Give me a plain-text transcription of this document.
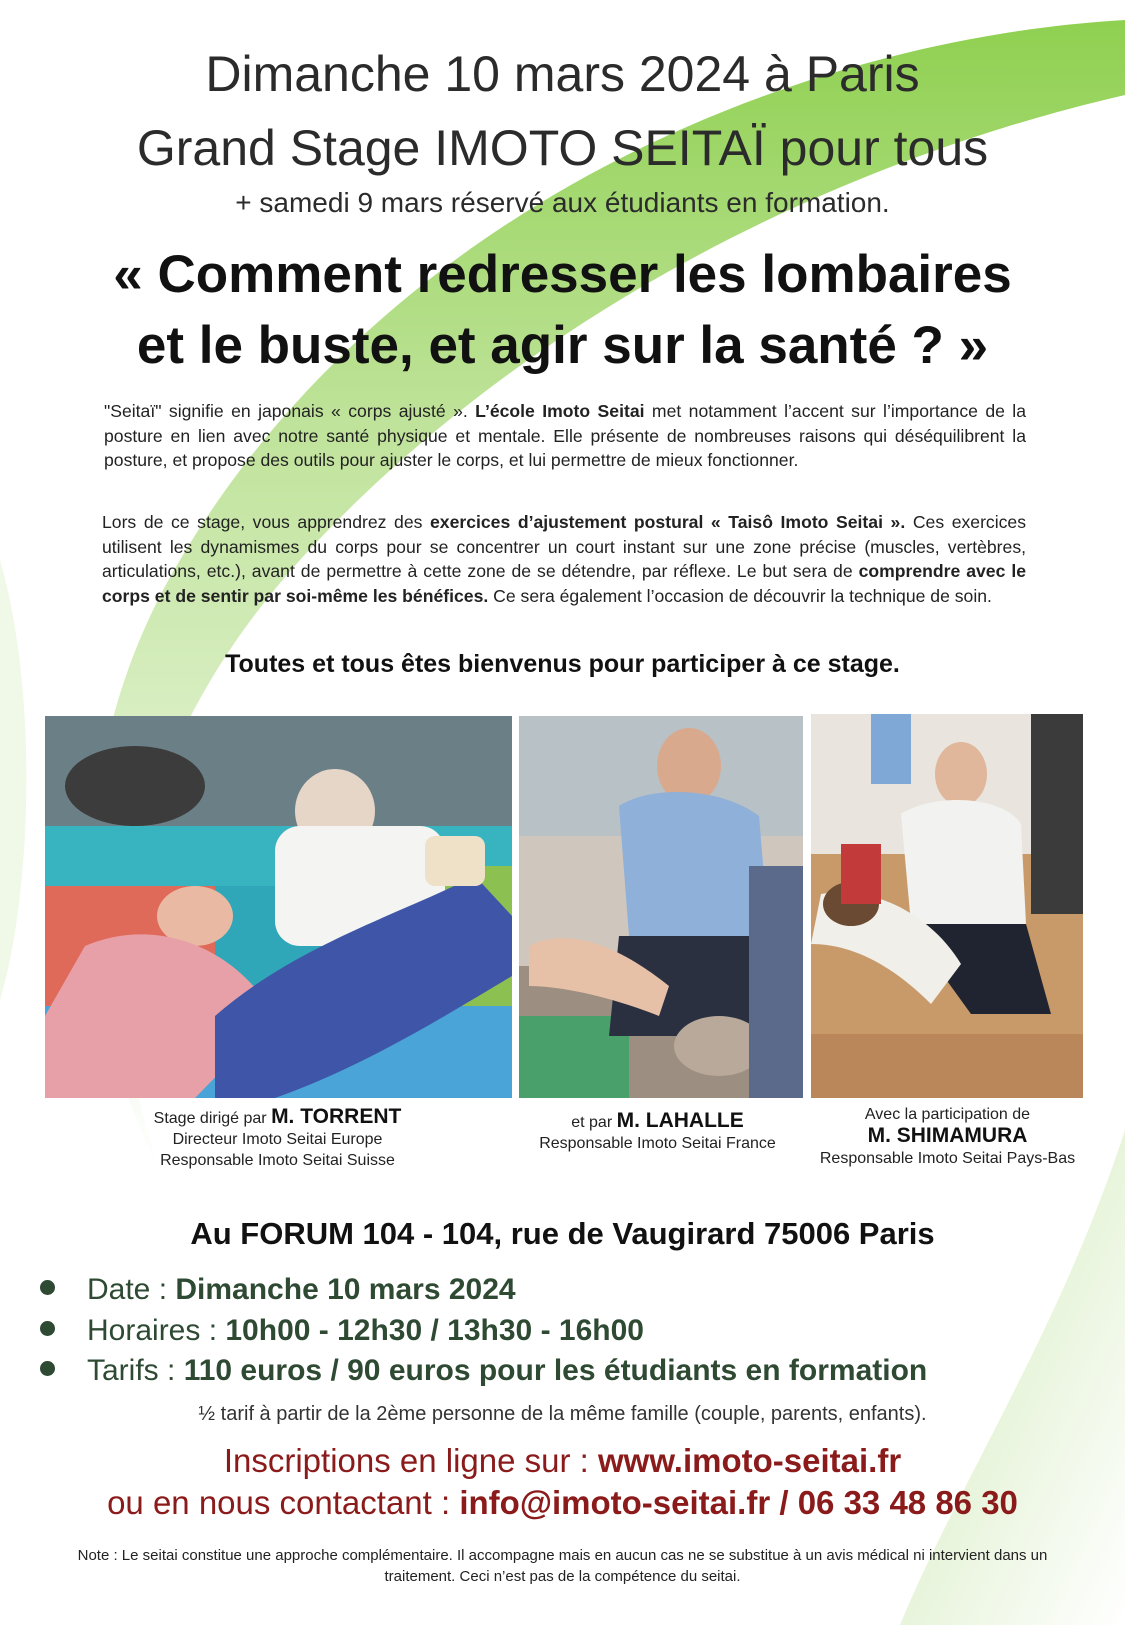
Dimanche 10 mars 2024 à Paris
Grand Stage IMOTO SEITAÏ pour tous
+ samedi 9 mars réservé aux étudiants en formation.
« Comment redresser les lombaires
et le buste, et agir sur la santé ? »
"Seitaï" signifie en japonais « corps ajusté ». L’école Imoto Seitai met notamment l’accent sur l’importance de la posture en lien avec notre santé physique et mentale. Elle présente de nombreuses raisons qui déséquilibrent la posture, et propose des outils pour ajuster le corps, et lui permettre de mieux fonctionner.
Lors de ce stage, vous apprendrez des exercices d’ajustement postural « Taisô Imoto Seitai ». Ces exercices utilisent les dynamismes du corps pour se concentrer un court instant sur une zone précise (muscles, vertèbres, articulations, etc.), avant de permettre à cette zone de se détendre, par réflexe. Le but sera de comprendre avec le corps et de sentir par soi-même les bénéfices. Ce sera également l’occasion de découvrir la technique de soin.
Toutes et tous êtes bienvenus pour participer à ce stage.
Stage dirigé par M. TORRENT
Directeur Imoto Seitai Europe
Responsable Imoto Seitai Suisse
et par M. LAHALLE
Responsable Imoto Seitai France
Avec la participation de
M. SHIMAMURA
Responsable Imoto Seitai Pays-Bas
Au FORUM 104 - 104, rue de Vaugirard 75006 Paris
Date : Dimanche 10 mars 2024
Horaires : 10h00 - 12h30 / 13h30 - 16h00
Tarifs : 110 euros / 90 euros pour les étudiants en formation
½ tarif à partir de la 2ème personne de la même famille (couple, parents, enfants).
Inscriptions en ligne sur : www.imoto-seitai.fr
ou en nous contactant : info@imoto-seitai.fr / 06 33 48 86 30
Note : Le seitai constitue une approche complémentaire. Il accompagne mais en aucun cas ne se substitue à un avis médical ni intervient dans un traitement. Ceci n’est pas de la compétence du seitai.
